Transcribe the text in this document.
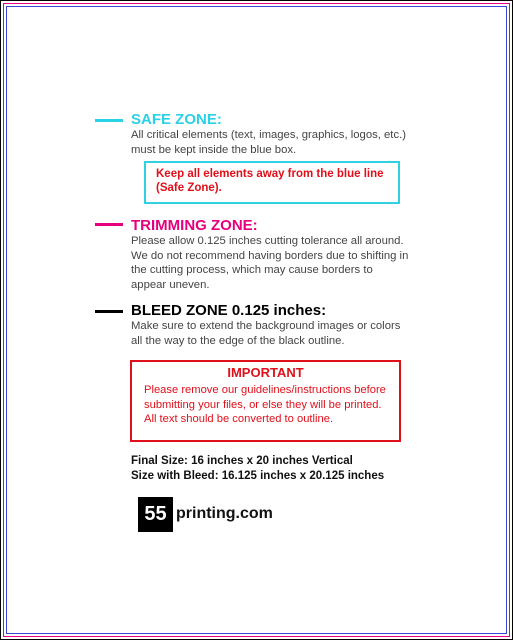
SAFE ZONE:
All critical elements (text, images, graphics, logos, etc.)
must be kept inside the blue box.
Keep all elements away from the blue line
(Safe Zone).
TRIMMING ZONE:
Please allow 0.125 inches cutting tolerance all around.
We do not recommend having borders due to shifting in
the cutting process, which may cause borders to
appear uneven.
BLEED ZONE 0.125 inches:
Make sure to extend the background images or colors
all the way to the edge of the black outline.
IMPORTANT
Please remove our guidelines/instructions before
submitting your files, or else they will be printed.
All text should be converted to outline.
Final Size: 16 inches x 20 inches Vertical
Size with Bleed: 16.125 inches x 20.125 inches
55 printing.com
